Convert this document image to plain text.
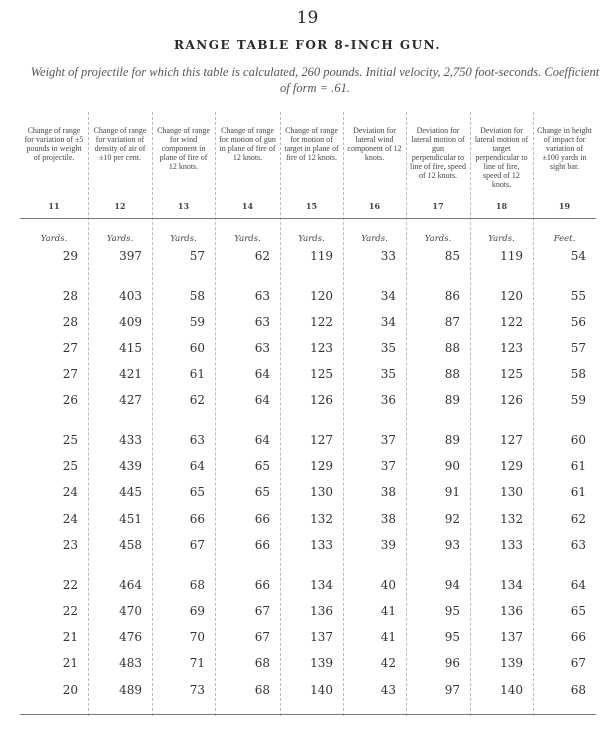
19
RANGE TABLE FOR 8-INCH GUN.
Weight of projectile for which this table is calculated, 260 pounds. Initial velocity, 2,750 foot-seconds. Coefficient of form = .61.
Change of range for variation of ±5 pounds in weight of projectile.
11
Yards.
Change of range for variation of density of air of ±10 per cent.
12
Yards.
Change of range for wind component in plane of fire of 12 knots.
13
Yards.
Change of range for motion of gun in plane of fire of 12 knots.
14
Yards.
Change of range for motion of target in plane of fire of 12 knots.
15
Yards.
Deviation for lateral wind component of 12 knots.
16
Yards.
Deviation for lateral motion of gun perpendicular to line of fire, speed of 12 knots.
17
Yards.
Deviation for lateral motion of target perpendicular to line of fire, speed of 12 knots.
18
Yards.
Change in height of impact for variation of ±100 yards in sight bar.
19
Feet.
29	397	57	62	119	33	85	119	54
28	403	58	63	120	34	86	120	55
28	409	59	63	122	34	87	122	56
27	415	60	63	123	35	88	123	57
27	421	61	64	125	35	88	125	58
26	427	62	64	126	36	89	126	59
25	433	63	64	127	37	89	127	60
25	439	64	65	129	37	90	129	61
24	445	65	65	130	38	91	130	61
24	451	66	66	132	38	92	132	62
23	458	67	66	133	39	93	133	63
22	464	68	66	134	40	94	134	64
22	470	69	67	136	41	95	136	65
21	476	70	67	137	41	95	137	66
21	483	71	68	139	42	96	139	67
20	489	73	68	140	43	97	140	68
